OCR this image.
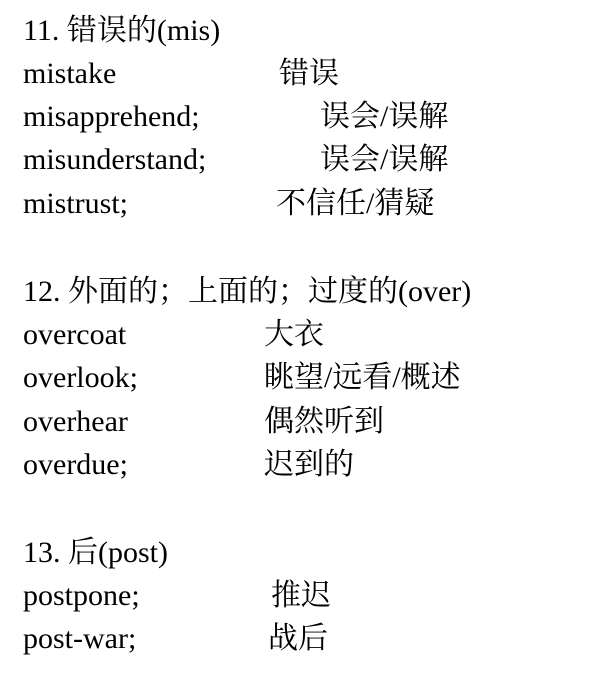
11. 错误的(mis)
mistake	错误
misapprehend;	误会/误解
misunderstand;	误会/误解
mistrust;	不信任/猜疑
12. 外面的；上面的；过度的(over)
overcoat	大衣
overlook;	眺望/远看/概述
overhear	偶然听到
overdue;	迟到的
13. 后(post)
postpone;	推迟
post-war;	战后
